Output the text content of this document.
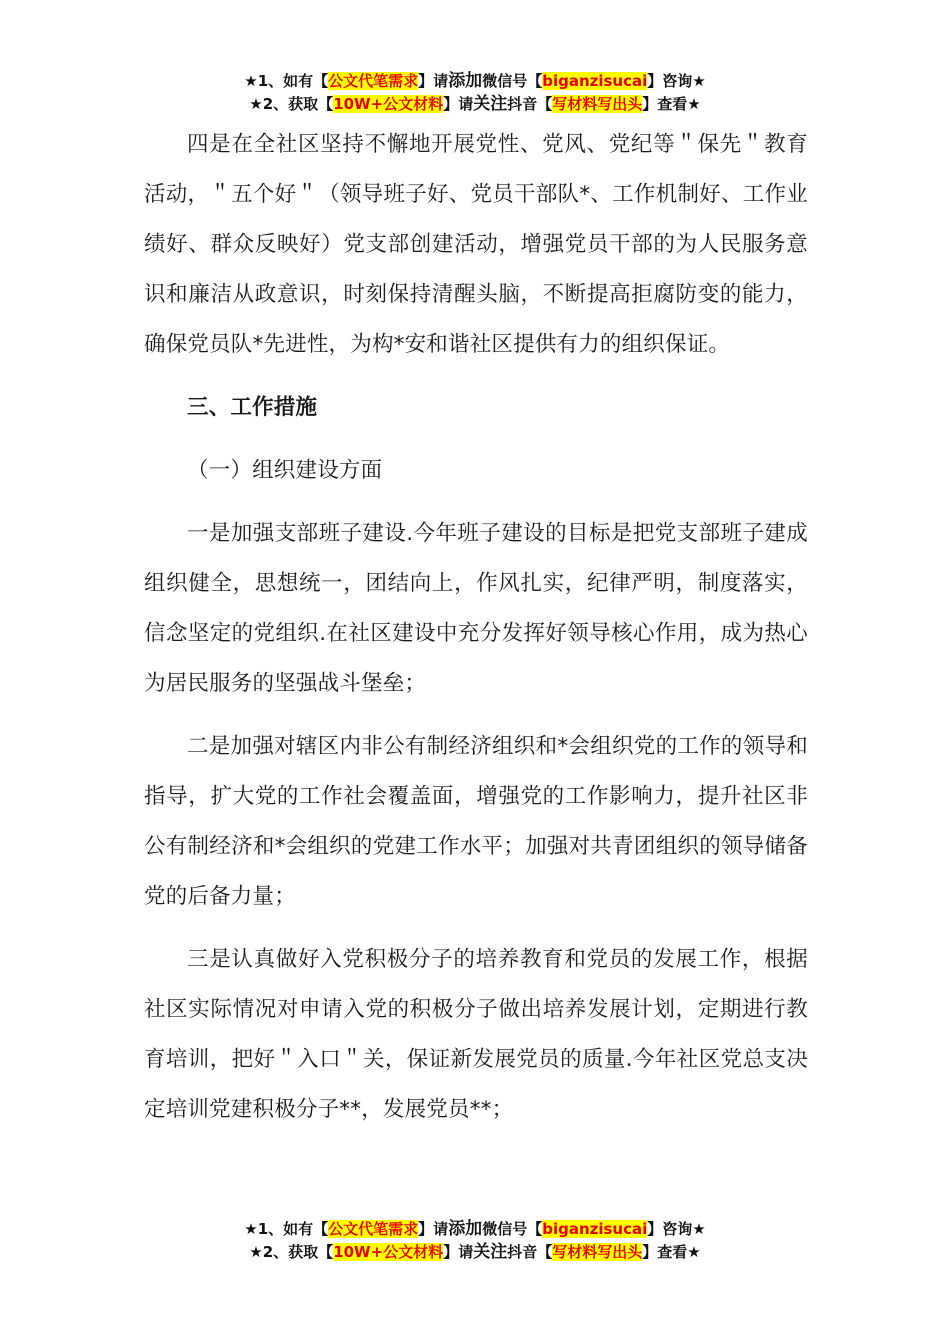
★1、如有【公文代笔需求】请添加微信号【biganzisucai】咨询★
★2、获取【10W+公文材料】请关注抖音【写材料写出头】查看★

四是在全社区坚持不懈地开展党性、党风、党纪等＂保先＂教育活动，＂五个好＂（领导班子好、党员干部队*、工作机制好、工作业绩好、群众反映好）党支部创建活动，增强党员干部的为人民服务意识和廉洁从政意识，时刻保持清醒头脑，不断提高拒腐防变的能力，确保党员队*先进性，为构*安和谐社区提供有力的组织保证。

三、工作措施

（一）组织建设方面

一是加强支部班子建设.今年班子建设的目标是把党支部班子建成组织健全，思想统一，团结向上，作风扎实，纪律严明，制度落实，信念坚定的党组织.在社区建设中充分发挥好领导核心作用，成为热心为居民服务的坚强战斗堡垒；

二是加强对辖区内非公有制经济组织和*会组织党的工作的领导和指导，扩大党的工作社会覆盖面，增强党的工作影响力，提升社区非公有制经济和*会组织的党建工作水平；加强对共青团组织的领导储备党的后备力量；

三是认真做好入党积极分子的培养教育和党员的发展工作，根据社区实际情况对申请入党的积极分子做出培养发展计划，定期进行教育培训，把好＂入口＂关，保证新发展党员的质量.今年社区党总支决定培训党建积极分子**，发展党员**；

★1、如有【公文代笔需求】请添加微信号【biganzisucai】咨询★
★2、获取【10W+公文材料】请关注抖音【写材料写出头】查看★
